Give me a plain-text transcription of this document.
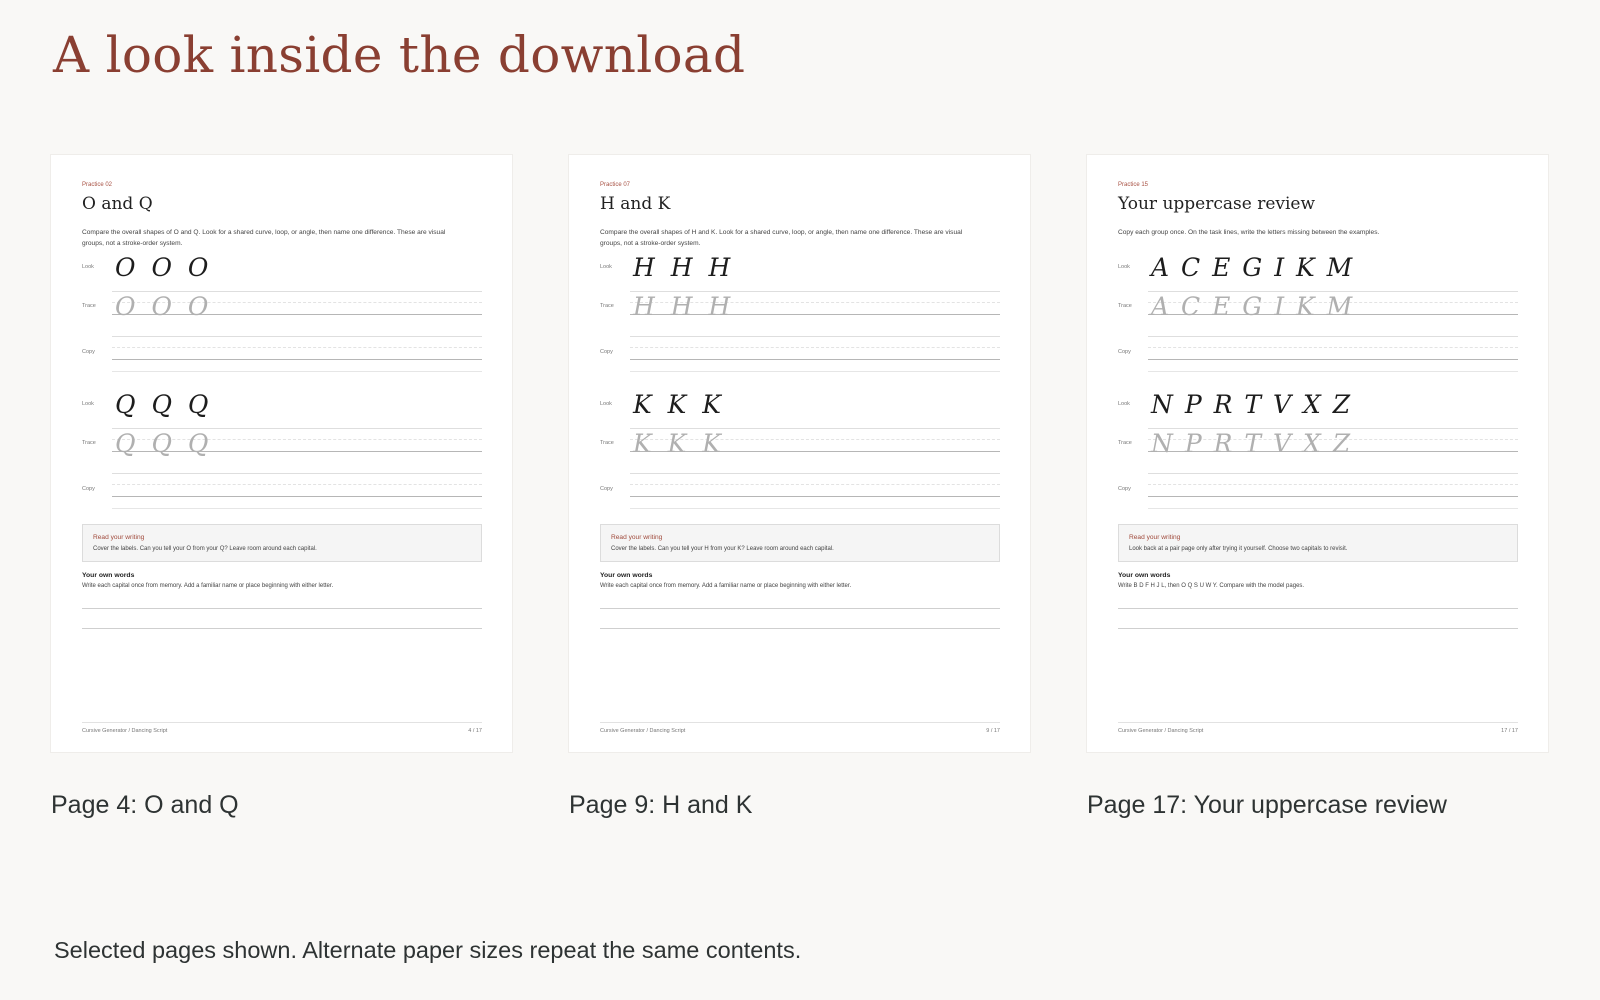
A look inside the download
Practice 02
O and Q
Compare the overall shapes of O and Q. Look for a shared curve, loop, or angle, then name one difference. These are visual groups, not a stroke-order system.
Look O O O
Trace O O O
Copy
Look Q Q Q
Trace Q Q Q
Copy
Read your writing
Cover the labels. Can you tell your O from your Q? Leave room around each capital.
Your own words
Write each capital once from memory. Add a familiar name or place beginning with either letter.
Cursive Generator / Dancing Script	4 / 17
Page 4: O and Q
Practice 07
H and K
Compare the overall shapes of H and K. Look for a shared curve, loop, or angle, then name one difference. These are visual groups, not a stroke-order system.
Look H H H
Trace H H H
Copy
Look K K K
Trace K K K
Copy
Read your writing
Cover the labels. Can you tell your H from your K? Leave room around each capital.
Your own words
Write each capital once from memory. Add a familiar name or place beginning with either letter.
Cursive Generator / Dancing Script	9 / 17
Page 9: H and K
Practice 15
Your uppercase review
Copy each group once. On the task lines, write the letters missing between the examples.
Look A C E G I K M
Trace A C E G I K M
Copy
Look N P R T V X Z
Trace N P R T V X Z
Copy
Read your writing
Look back at a pair page only after trying it yourself. Choose two capitals to revisit.
Your own words
Write B D F H J L, then O Q S U W Y. Compare with the model pages.
Cursive Generator / Dancing Script	17 / 17
Page 17: Your uppercase review

Selected pages shown. Alternate paper sizes repeat the same contents.
